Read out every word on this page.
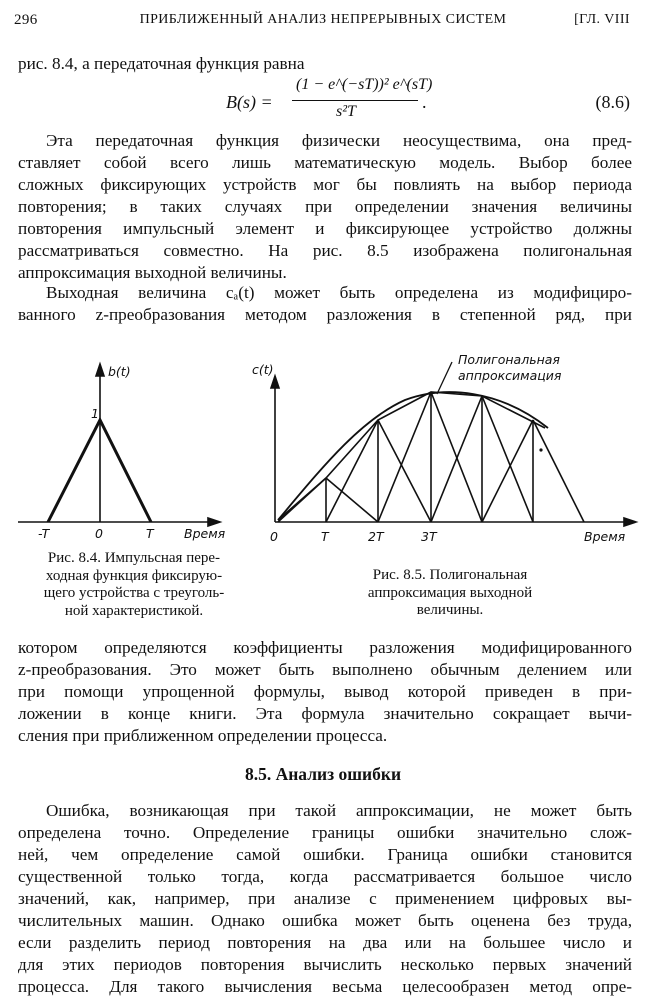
296	ПРИБЛИЖЕННЫЙ АНАЛИЗ НЕПРЕРЫВНЫХ СИСТЕМ	[ГЛ. VIII
рис. 8.4, а передаточная функция равна
B(s) =
(1 − e^(−sT))² e^(sT)
s²T	.	(8.6)
Эта передаточная функция физически неосуществима, она пред-
ставляет собой всего лишь математическую модель. Выбор более
сложных фиксирующих устройств мог бы повлиять на выбор периода
повторения; в таких случаях при определении значения величины
повторения импульсный элемент и фиксирующее устройство должны
рассматриваться совместно. На рис. 8.5 изображена полигональная
аппроксимация выходной величины.
Выходная величина cₐ(t) может быть определена из модифициро-
ванного z-преобразования методом разложения в степенной ряд, при
b(t)
1
-T	0	T Время
c(t)
Полигональная
аппроксимация
0	T	2T	3T	Время
Рис. 8.4. Импульсная пере-
ходная функция фиксирую-
щего устройства с треуголь-
ной характеристикой.
Рис. 8.5. Полигональная
аппроксимация выходной
величины.
котором определяются коэффициенты разложения модифицированного
z-преобразования. Это может быть выполнено обычным делением или
при помощи упрощенной формулы, вывод которой приведен в при-
ложении в конце книги. Эта формула значительно сокращает вычи-
сления при приближенном определении процесса.
8.5. Анализ ошибки
Ошибка, возникающая при такой аппроксимации, не может быть
определена точно. Определение границы ошибки значительно слож-
ней, чем определение самой ошибки. Граница ошибки становится
существенной только тогда, когда рассматривается большое число
значений, как, например, при анализе с применением цифровых вы-
числительных машин. Однако ошибка может быть оценена без труда,
если разделить период повторения на два или на большее число и
для этих периодов повторения вычислить несколько первых значений
процесса. Для такого вычисления весьма целесообразен метод опре-
